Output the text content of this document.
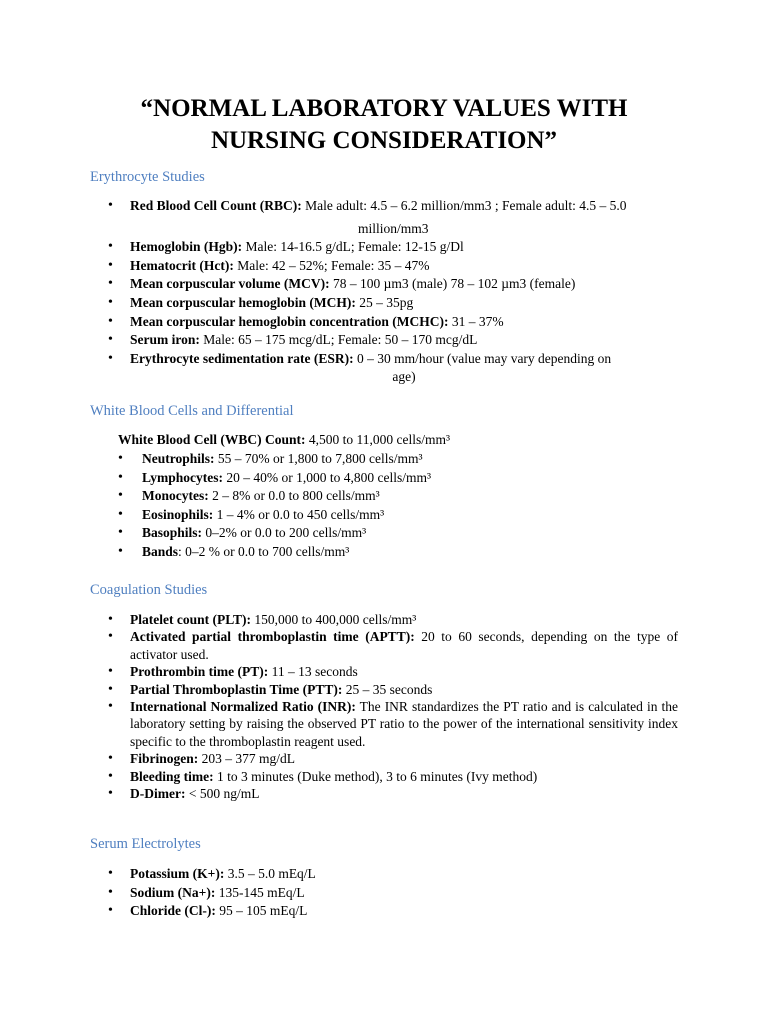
“NORMAL LABORATORY VALUES WITH
NURSING CONSIDERATION”
Erythrocyte Studies
• Red Blood Cell Count (RBC): Male adult: 4.5 – 6.2 million/mm3 ; Female adult: 4.5 – 5.0
million/mm3
• Hemoglobin (Hgb): Male: 14-16.5 g/dL; Female: 12-15 g/Dl
• Hematocrit (Hct): Male: 42 – 52%; Female: 35 – 47%
• Mean corpuscular volume (MCV): 78 – 100 µm3 (male) 78 – 102 µm3 (female)
• Mean corpuscular hemoglobin (MCH): 25 – 35pg
• Mean corpuscular hemoglobin concentration (MCHC): 31 – 37%
• Serum iron: Male: 65 – 175 mcg/dL; Female: 50 – 170 mcg/dL
• Erythrocyte sedimentation rate (ESR): 0 – 30 mm/hour (value may vary depending on
age)
White Blood Cells and Differential
White Blood Cell (WBC) Count: 4,500 to 11,000 cells/mm³
• Neutrophils: 55 – 70% or 1,800 to 7,800 cells/mm³
• Lymphocytes: 20 – 40% or 1,000 to 4,800 cells/mm³
• Monocytes: 2 – 8% or 0.0 to 800 cells/mm³
• Eosinophils: 1 – 4% or 0.0 to 450 cells/mm³
• Basophils: 0–2% or 0.0 to 200 cells/mm³
• Bands: 0–2 % or 0.0 to 700 cells/mm³
Coagulation Studies
• Platelet count (PLT): 150,000 to 400,000 cells/mm³
• Activated partial thromboplastin time (APTT): 20 to 60 seconds, depending on the type of activator used.
• Prothrombin time (PT): 11 – 13 seconds
• Partial Thromboplastin Time (PTT): 25 – 35 seconds
• International Normalized Ratio (INR): The INR standardizes the PT ratio and is calculated in the laboratory setting by raising the observed PT ratio to the power of the international sensitivity index specific to the thromboplastin reagent used.
• Fibrinogen: 203 – 377 mg/dL
• Bleeding time: 1 to 3 minutes (Duke method), 3 to 6 minutes (Ivy method)
• D-Dimer: < 500 ng/mL
Serum Electrolytes
• Potassium (K+): 3.5 – 5.0 mEq/L
• Sodium (Na+): 135-145 mEq/L
• Chloride (Cl-): 95 – 105 mEq/L
